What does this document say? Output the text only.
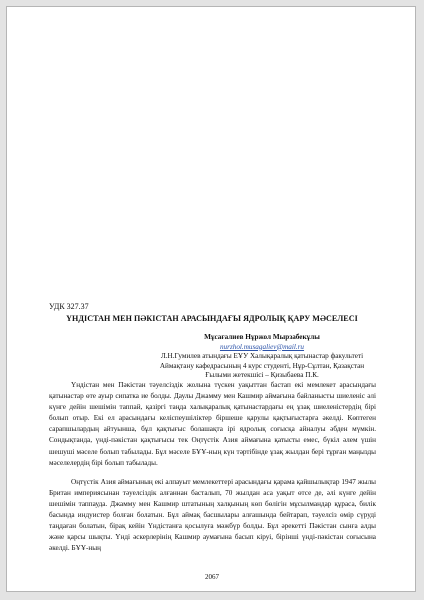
УДК 327.37
ҮНДІСТАН МЕН ПӘКІСТАН АРАСЫНДАҒЫ ЯДРОЛЫҚ ҚАРУ МӘСЕЛЕСІ
Мұсағалиев Нұржол Мырзабекұлы
nurzhol.musagaliev@mail.ru
Л.Н.Гумилев атындағы ЕҰУ Халықаралық қатынастар факультеті
Аймақтану кафедрасының 4 курс студенті, Нұр-Сұлтан, Қазақстан
Ғылыми жетекшісі – Қизыбаева П.К.

Үндістан мен Пәкістан тәуелсіздік жолына түскен уақыттан бастап екі мемлекет арасындағы қатынастар өте ауыр сипатка ие болды. Даулы Джамму мен Кашмир аймағына байланысты шиеленіс әлі күнге дейін шешімін таппай, қазіргі таңда халықаралық қатынастардағы ең ұзақ шиеленістердің бірі болып отыр. Екі ел арасындағы келіспеушіліктер біршеше қарулы қақтығыстарға әкелді. Көптеген сарапшылардың айтуынша, бұл қақтығыс болашақта ірі ядролық соғысқа айналуы әбден мүмкін. Сондықтанда, үнді-пәкістан қақтығысы тек Оңтүстік Азия аймағына қатысты емес, бүкіл әлем үшін шешуші мәселе болып табылады. Бұл мәселе БҰҰ-ның күн тәртібінде ұзақ жылдан бері тұрған маңызды мәселелердің бірі болып табылады.

Оңтүстік Азия аймағының екі алпауыт мемлекеттері арасындағы қарама қайшылықтар 1947 жылы Британ империясынан тәуелсіздік алғаннан басталып, 70 жылдан аса уақыт өтсе де, әлі күнге дейін шешімін таппауда. Джамму мен Кашмир штатының халқының көп бөлігін мұсылмандар құраса, билік басында индуистер болған болатын. Бұл аймақ басшылары алғашында бейтарап, тәуелсіз өмір сүруді таңдаған болатын, бірақ кейін Үндістанға қосылуға мәжбүр болды. Бұл әрекетті Пәкістан сынға алды және қарсы шықты. Үнді әскерлерінің Кашмир аумағына басып кіруі, біріншi үнді-пәкістан соғысына әкелді. БҰҰ-ның

2067
